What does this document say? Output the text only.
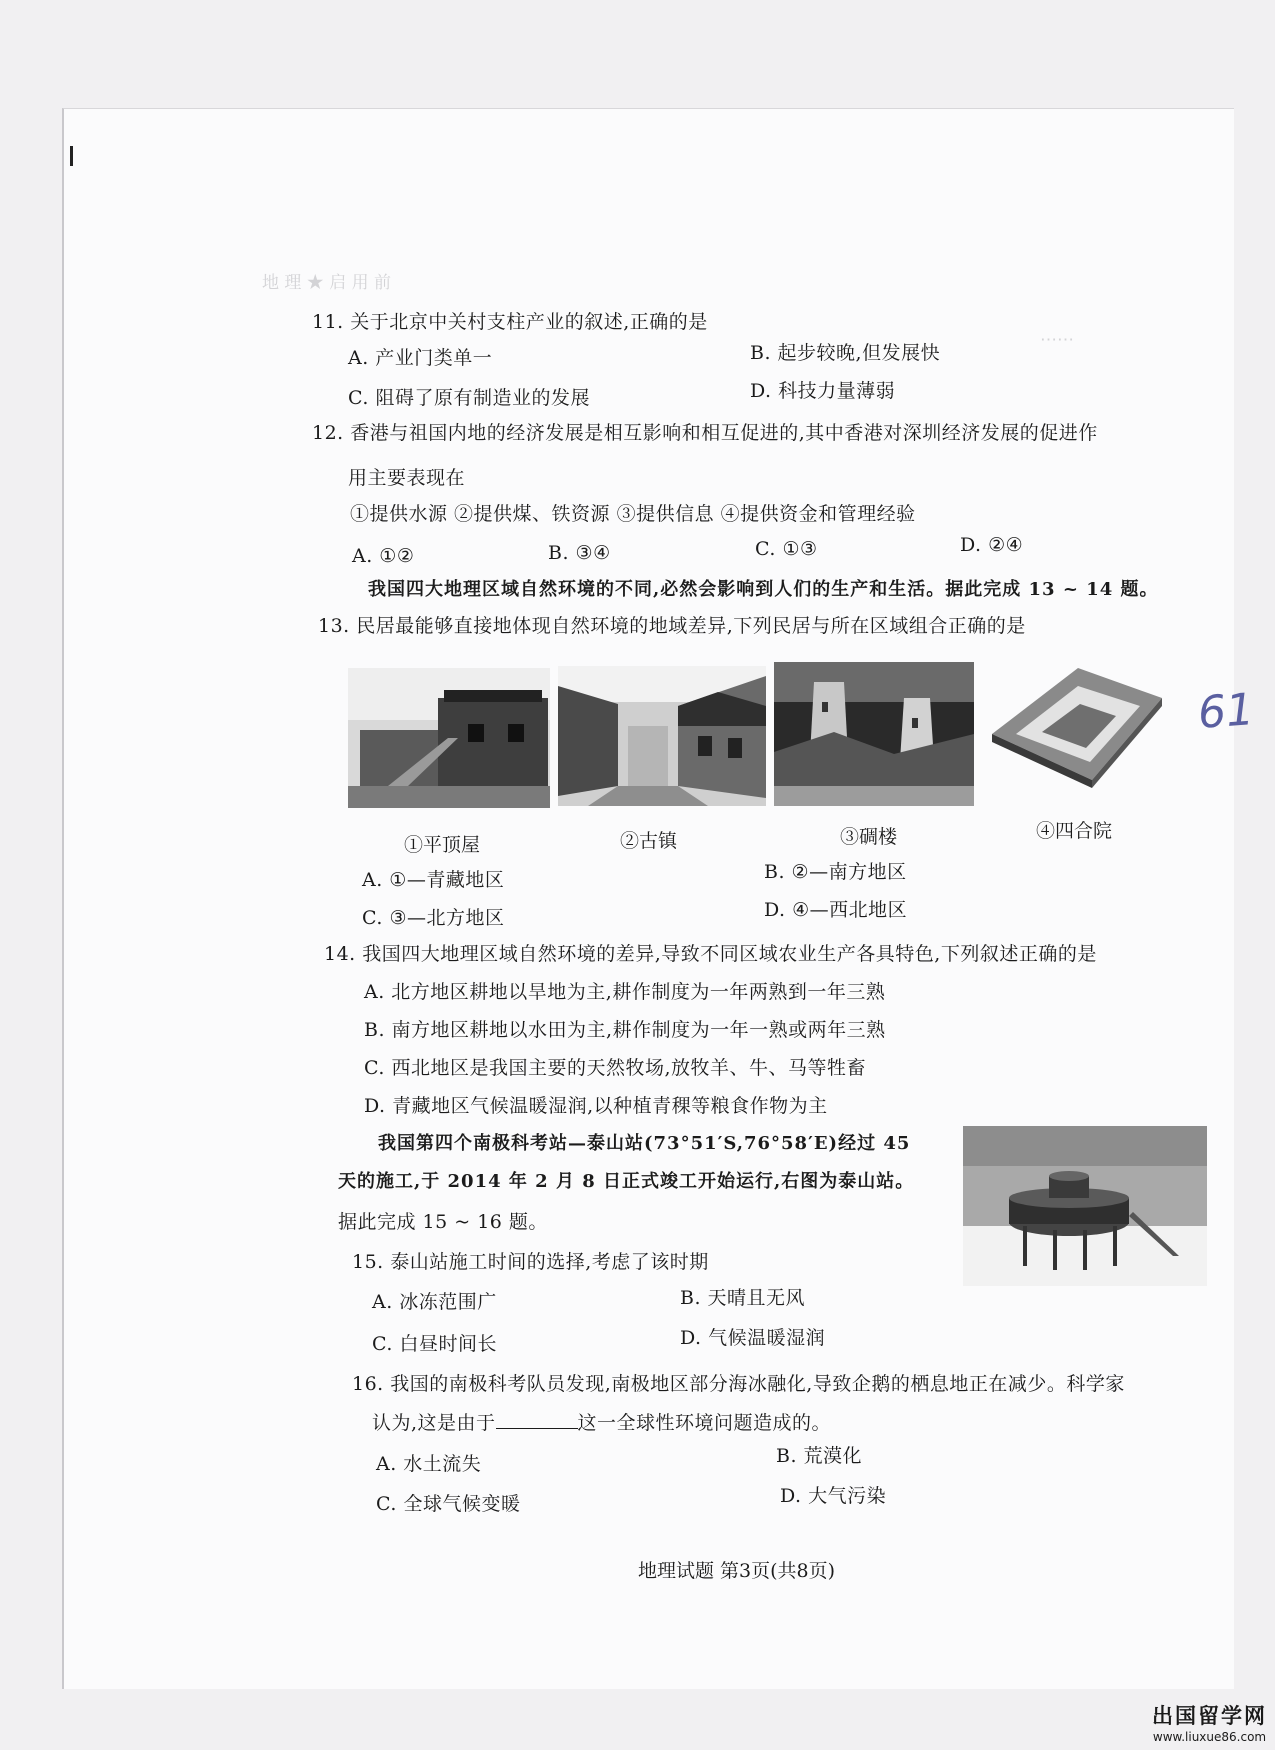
地 理 ★ 启 用 前
⋯⋯
11. 关于北京中关村支柱产业的叙述,正确的是
A. 产业门类单一	B. 起步较晚,但发展快
C. 阻碍了原有制造业的发展	D. 科技力量薄弱
12. 香港与祖国内地的经济发展是相互影响和相互促进的,其中香港对深圳经济发展的促进作
用主要表现在
①提供水源 ②提供煤、铁资源 ③提供信息 ④提供资金和管理经验
A. ①②	B. ③④	C. ①③	D. ②④
我国四大地理区域自然环境的不同,必然会影响到人们的生产和生活。据此完成 13 ~ 14 题。
13. 民居最能够直接地体现自然环境的地域差异,下列民居与所在区域组合正确的是
①平顶屋	②古镇	③碉楼	④四合院
61
A. ①—青藏地区	B. ②—南方地区
C. ③—北方地区	D. ④—西北地区
14. 我国四大地理区域自然环境的差异,导致不同区域农业生产各具特色,下列叙述正确的是
A. 北方地区耕地以旱地为主,耕作制度为一年两熟到一年三熟
B. 南方地区耕地以水田为主,耕作制度为一年一熟或两年三熟
C. 西北地区是我国主要的天然牧场,放牧羊、牛、马等牲畜
D. 青藏地区气候温暖湿润,以种植青稞等粮食作物为主
我国第四个南极科考站—泰山站(73°51′S,76°58′E)经过 45
天的施工,于 2014 年 2 月 8 日正式竣工开始运行,右图为泰山站。
据此完成 15 ~ 16 题。
15. 泰山站施工时间的选择,考虑了该时期
A. 冰冻范围广	B. 天晴且无风
C. 白昼时间长	D. 气候温暖湿润
16. 我国的南极科考队员发现,南极地区部分海冰融化,导致企鹅的栖息地正在减少。科学家
认为,这是由于	这一全球性环境问题造成的。
A. 水土流失	B. 荒漠化
C. 全球气候变暖	D. 大气污染
地理试题 第3页(共8页)
出国留学网
www.liuxue86.com
